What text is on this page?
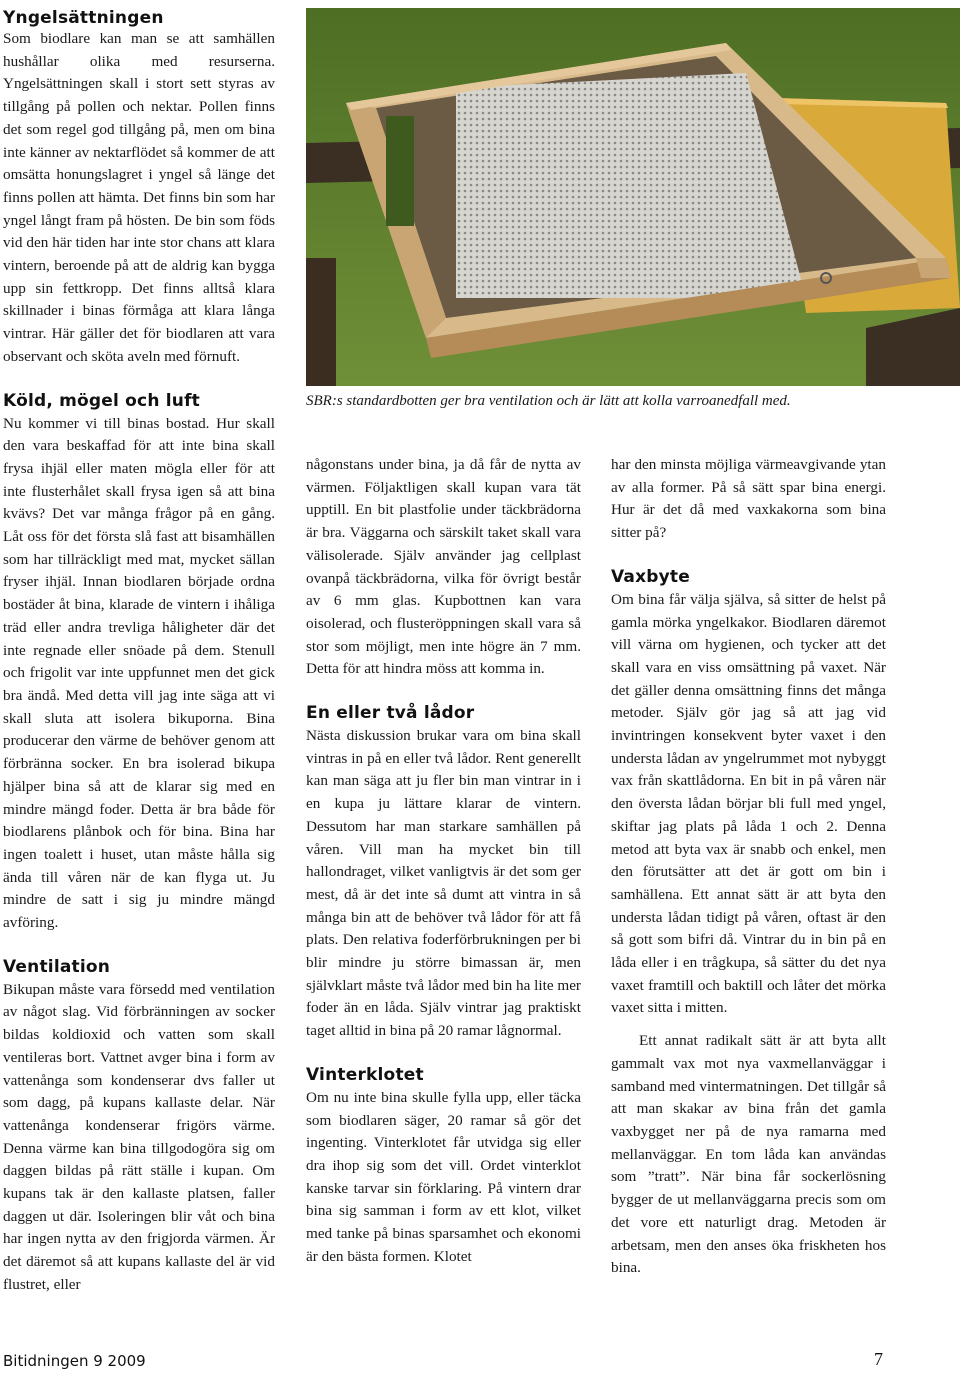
Yngelsättningen

Som biodlare kan man se att samhällen hushållar olika med resurserna. Yngelsättningen skall i stort sett styras av tillgång på pollen och nektar. Pollen finns det som regel god tillgång på, men om bina inte känner av nektarflödet så kommer de att omsätta honungslagret i yngel så länge det finns pollen att hämta. Det finns bin som har yngel långt fram på hösten. De bin som föds vid den här tiden har inte stor chans att klara vintern, beroende på att de aldrig kan bygga upp sin fettkropp. Det finns alltså klara skillnader i binas förmåga att klara långa vintrar. Här gäller det för biodlaren att vara observant och sköta aveln med förnuft.

Köld, mögel och luft

Nu kommer vi till binas bostad. Hur skall den vara beskaffad för att inte bina skall frysa ihjäl eller maten mögla eller för att inte flusterhålet skall frysa igen så att bina kvävs? Det var många frågor på en gång. Låt oss för det första slå fast att bisamhällen som har tillräckligt med mat, mycket sällan fryser ihjäl. Innan biodlaren började ordna bostäder åt bina, klarade de vintern i ihåliga träd eller andra trevliga håligheter där det inte regnade eller snöade på dem. Stenull och frigolit var inte uppfunnet men det gick bra ändå. Med detta vill jag inte säga att vi skall sluta att isolera bikuporna. Bina producerar den värme de behöver genom att förbränna socker. En bra isolerad bikupa hjälper bina så att de klarar sig med en mindre mängd foder. Detta är bra både för biodlarens plånbok och för bina. Bina har ingen toalett i huset, utan måste hålla sig ända till våren när de kan flyga ut. Ju mindre de satt i sig ju mindre mängd avföring.

Ventilation

Bikupan måste vara försedd med ventilation av något slag. Vid förbränningen av socker bildas koldioxid och vatten som skall ventileras bort. Vattnet avger bina i form av vattenånga som kondenserar dvs faller ut som dagg, på kupans kallaste delar. När vattenånga kondenserar frigörs värme. Denna värme kan bina tillgodogöra sig om daggen bildas på rätt ställe i kupan. Om kupans tak är den kallaste platsen, faller daggen ut där. Isoleringen blir våt och bina har ingen nytta av den frigjorda värmen. Är det däremot så att kupans kallaste del är vid flustret, eller

SBR:s standardbotten ger bra ventilation och är lätt att kolla varroanedfall med.

någonstans under bina, ja då får de nytta av värmen. Följaktligen skall kupan vara tät upptill. En bit plastfolie under täckbrädorna är bra. Väggarna och särskilt taket skall vara välisolerade. Själv använder jag cellplast ovanpå täckbrädorna, vilka för övrigt består av 6 mm glas. Kupbottnen kan vara oisolerad, och flusteröppningen skall vara så stor som möjligt, men inte högre än 7 mm. Detta för att hindra möss att komma in.

En eller två lådor

Nästa diskussion brukar vara om bina skall vintras in på en eller två lådor. Rent generellt kan man säga att ju fler bin man vintrar in i en kupa ju lättare klarar de vintern. Dessutom har man starkare samhällen på våren. Vill man ha mycket bin till hallondraget, vilket vanligtvis är det som ger mest, då är det inte så dumt att vintra in så många bin att de behöver två lådor för att få plats. Den relativa foderförbrukningen per bi blir mindre ju större bimassan är, men självklart måste två lådor med bin ha lite mer foder än en låda. Själv vintrar jag praktiskt taget alltid in bina på 20 ramar lågnormal.

Vinterklotet

Om nu inte bina skulle fylla upp, eller täcka som biodlaren säger, 20 ramar så gör det ingenting. Vinterklotet får utvidga sig eller dra ihop sig som det vill. Ordet vinterklot kanske tarvar sin förklaring. På vintern drar bina sig samman i form av ett klot, vilket med tanke på binas sparsamhet och ekonomi är den bästa formen. Klotet

har den minsta möjliga värmeavgivande ytan av alla former. På så sätt spar bina energi. Hur är det då med vaxkakorna som bina sitter på?

Vaxbyte

Om bina får välja själva, så sitter de helst på gamla mörka yngelkakor. Biodlaren däremot vill värna om hygienen, och tycker att det skall vara en viss omsättning på vaxet. När det gäller denna omsättning finns det många metoder. Själv gör jag så att jag vid invintringen konsekvent byter vaxet i den understa lådan av yngelrummet mot nybyggt vax från skattlådorna. En bit in på våren när den översta lådan börjar bli full med yngel, skiftar jag plats på låda 1 och 2. Denna metod att byta vax är snabb och enkel, men den förutsätter att det är gott om bin i samhällena. Ett annat sätt är att byta den understa lådan tidigt på våren, oftast är den så gott som bifri då. Vintrar du in bin på en låda eller i en trågkupa, så sätter du det nya vaxet framtill och baktill och låter det mörka vaxet sitta i mitten.

Ett annat radikalt sätt är att byta allt gammalt vax mot nya vaxmellanväggar i samband med vintermatningen. Det tillgår så att man skakar av bina från det gamla vaxbygget ner på de nya ramarna med mellanväggar. En tom låda kan användas som ”tratt”. När bina får sockerlösning bygger de ut mellanväggarna precis som om det vore ett naturligt drag. Metoden är arbetsam, men den anses öka friskheten hos bina.

Bitidningen 9 2009	7
